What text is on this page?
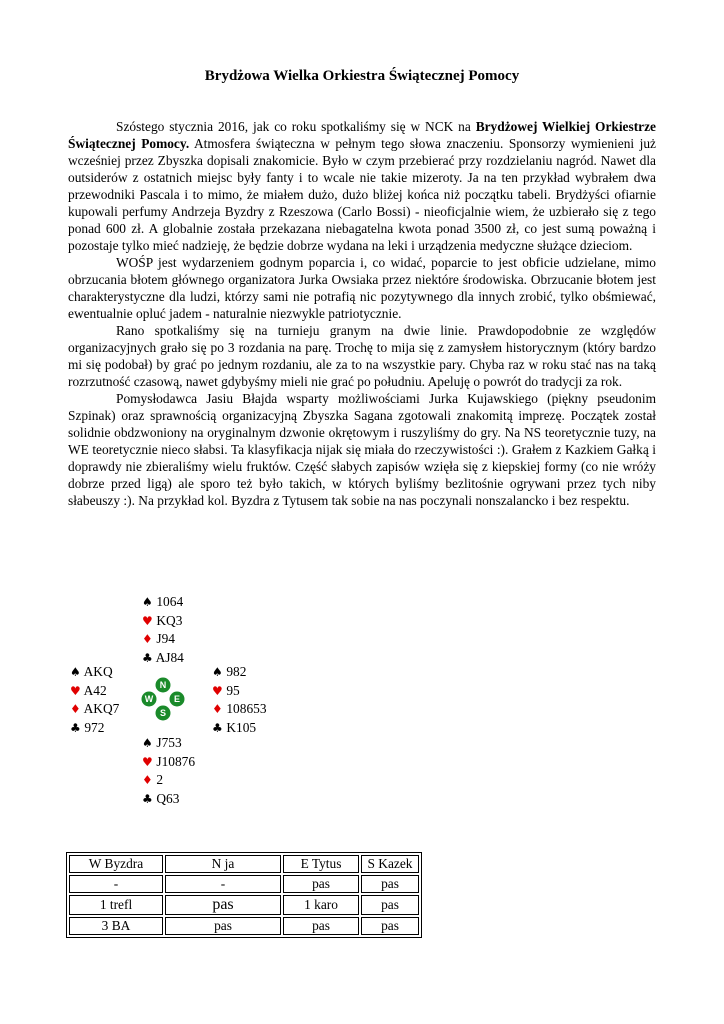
Brydżowa Wielka Orkiestra Świątecznej Pomocy

Szóstego stycznia 2016, jak co roku spotkaliśmy się w NCK na Brydżowej Wielkiej Orkiestrze Świątecznej Pomocy. Atmosfera świąteczna w pełnym tego słowa znaczeniu. Sponsorzy wymienieni już wcześniej przez Zbyszka dopisali znakomicie. Było w czym przebierać przy rozdzielaniu nagród. Nawet dla outsiderów z ostatnich miejsc były fanty i to wcale nie takie mizeroty. Ja na ten przykład wybrałem dwa przewodniki Pascala i to mimo, że miałem dużo, dużo bliżej końca niż początku tabeli. Brydżyści ofiarnie kupowali perfumy Andrzeja Byzdry z Rzeszowa (Carlo Bossi) - nieoficjalnie wiem, że uzbierało się z tego ponad 600 zł. A globalnie została przekazana niebagatelna kwota ponad 3500 zł, co jest sumą poważną i pozostaje tylko mieć nadzieję, że będzie dobrze wydana na leki i urządzenia medyczne służące dzieciom.

WOŚP jest wydarzeniem godnym poparcia i, co widać, poparcie to jest obficie udzielane, mimo obrzucania błotem głównego organizatora Jurka Owsiaka przez niektóre środowiska. Obrzucanie błotem jest charakterystyczne dla ludzi, którzy sami nie potrafią nic pozytywnego dla innych zrobić, tylko obśmiewać, ewentualnie opluć jadem - naturalnie niezwykle patriotycznie.

Rano spotkaliśmy się na turnieju granym na dwie linie. Prawdopodobnie ze względów organizacyjnych grało się po 3 rozdania na parę. Trochę to mija się z zamysłem historycznym (który bardzo mi się podobał) by grać po jednym rozdaniu, ale za to na wszystkie pary. Chyba raz w roku stać nas na taką rozrzutność czasową, nawet gdybyśmy mieli nie grać po południu. Apeluję o powrót do tradycji za rok.

Pomysłodawca Jasiu Błajda wsparty możliwościami Jurka Kujawskiego (piękny pseudonim Szpinak) oraz sprawnością organizacyjną Zbyszka Sagana zgotowali znakomitą imprezę. Początek został solidnie obdzwoniony na oryginalnym dzwonie okrętowym i ruszyliśmy do gry. Na NS teoretycznie tuzy, na WE teoretycznie nieco słabsi. Ta klasyfikacja nijak się miała do rzeczywistości :). Grałem z Kazkiem Gałką i doprawdy nie zbieraliśmy wielu fruktów. Część słabych zapisów wzięła się z kiepskiej formy (co nie wróży dobrze przed ligą) ale sporo też było takich, w których byliśmy bezlitośnie ogrywani przez tych niby słabeuszy :). Na przykład kol. Byzdra z Tytusem tak sobie na nas poczynali nonszalancko i bez respektu.

♠ 1064
♥ KQ3
♦ J94
♣ AJ84
♠ AKQ
♥ A42
♦ AKQ7
♣ 972
N
W E
S
♠ 982
♥ 95
♦ 108653
♣ K105
♠ J753
♥ J10876
♦ 2
♣ Q63
W Byzdra	N ja	E Tytus	S Kazek
-	-	pas	pas
1 trefl	pas	1 karo	pas
3 BA	pas	pas	pas
